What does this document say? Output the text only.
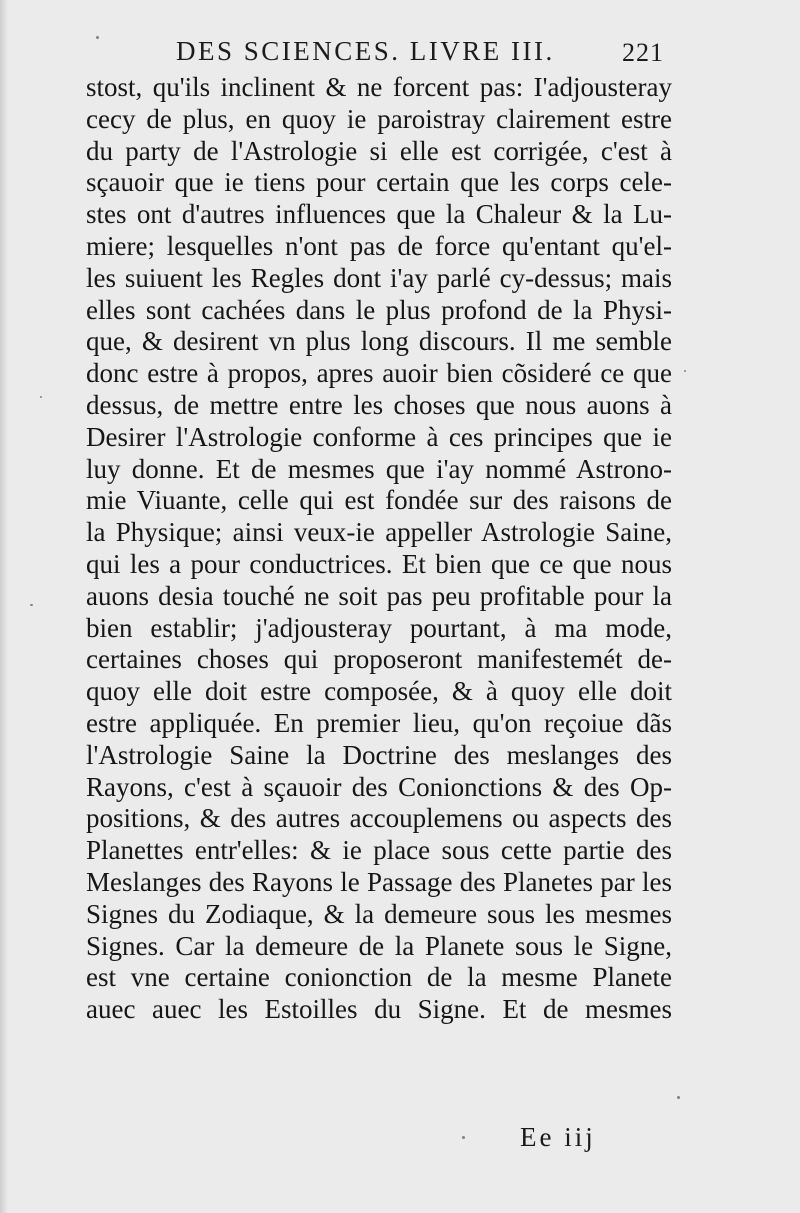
DES SCIENCES. LIVRE III.	221
stost, qu'ils inclinent & ne forcent pas: I'adjousteray
cecy de plus, en quoy ie paroistray clairement estre
du party de l'Astrologie si elle est corrigée, c'est à
sçauoir que ie tiens pour certain que les corps cele-
stes ont d'autres influences que la Chaleur & la Lu-
miere; lesquelles n'ont pas de force qu'entant qu'el-
les suiuent les Regles dont i'ay parlé cy-dessus; mais
elles sont cachées dans le plus profond de la Physi-
que, & desirent vn plus long discours. Il me semble
donc estre à propos, apres auoir bien cõsideré ce que
dessus, de mettre entre les choses que nous auons à
Desirer l'Astrologie conforme à ces principes que ie
luy donne. Et de mesmes que i'ay nommé Astrono-
mie Viuante, celle qui est fondée sur des raisons de
la Physique; ainsi veux-ie appeller Astrologie Saine,
qui les a pour conductrices. Et bien que ce que nous
auons desia touché ne soit pas peu profitable pour la
bien establir; j'adjousteray pourtant, à ma mode,
certaines choses qui proposeront manifestemét de-
quoy elle doit estre composée, & à quoy elle doit
estre appliquée. En premier lieu, qu'on reçoiue dãs
l'Astrologie Saine la Doctrine des meslanges des
Rayons, c'est à sçauoir des Conionctions & des Op-
positions, & des autres accouplemens ou aspects des
Planettes entr'elles: & ie place sous cette partie des
Meslanges des Rayons le Passage des Planetes par les
Signes du Zodiaque, & la demeure sous les mesmes
Signes. Car la demeure de la Planete sous le Signe,
est vne certaine conionction de la mesme Planete
auec auec les Estoilles du Signe. Et de mesmes
Ee iij
